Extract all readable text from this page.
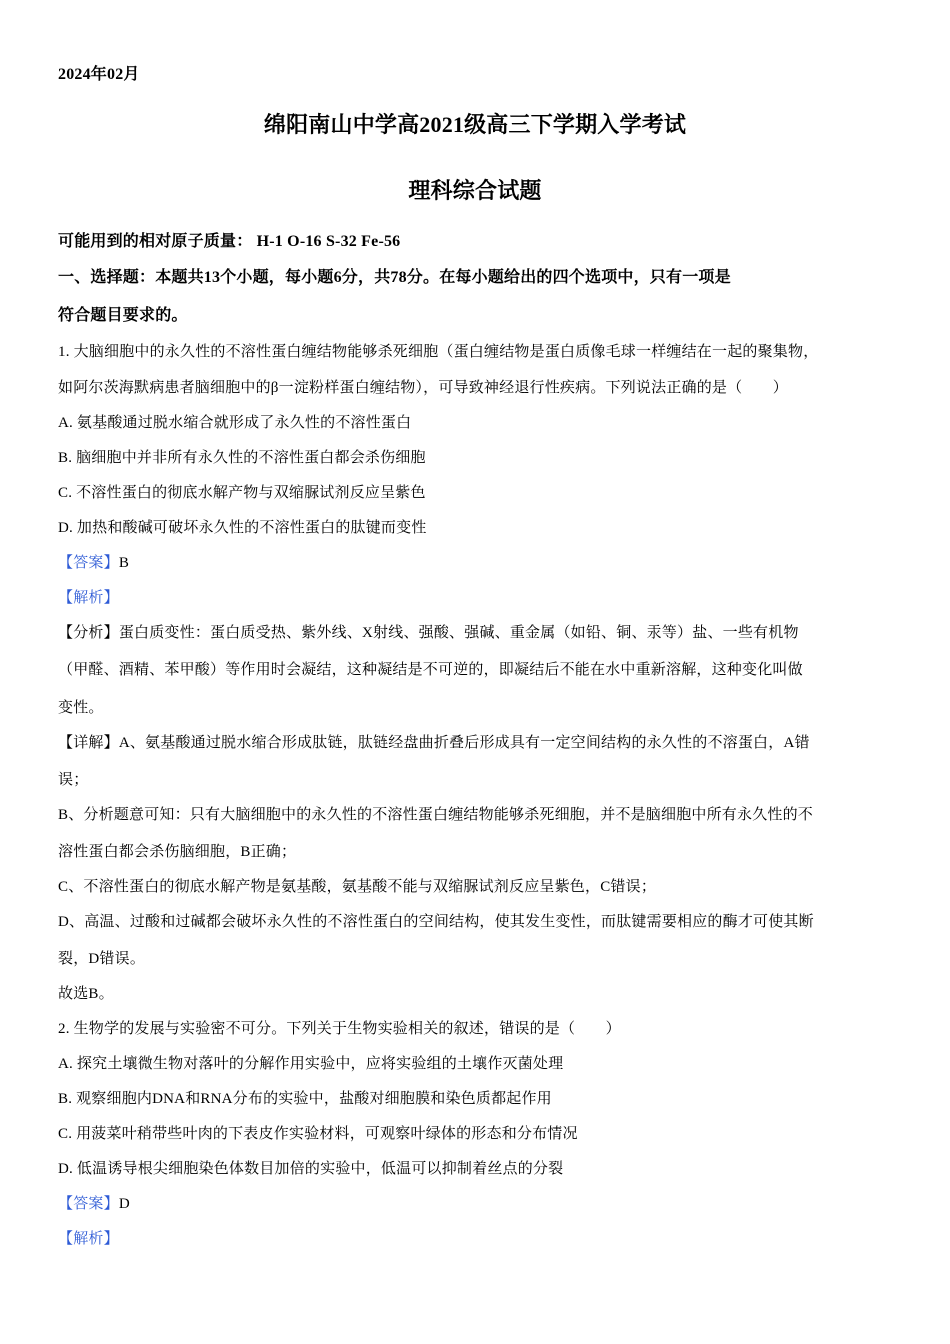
2024年02月
绵阳南山中学高2021级高三下学期入学考试
理科综合试题
可能用到的相对原子质量： H-1 O-16 S-32 Fe-56
一、选择题：本题共13个小题，每小题6分，共78分。在每小题给出的四个选项中，只有一项是
符合题目要求的。
1. 大脑细胞中的永久性的不溶性蛋白缠结物能够杀死细胞（蛋白缠结物是蛋白质像毛球一样缠结在一起的聚集物，
如阿尔茨海默病患者脑细胞中的β一淀粉样蛋白缠结物），可导致神经退行性疾病。下列说法正确的是（　　）
A. 氨基酸通过脱水缩合就形成了永久性的不溶性蛋白
B. 脑细胞中并非所有永久性的不溶性蛋白都会杀伤细胞
C. 不溶性蛋白的彻底水解产物与双缩脲试剂反应呈紫色
D. 加热和酸碱可破坏永久性的不溶性蛋白的肽键而变性
【答案】B
【解析】
【分析】蛋白质变性：蛋白质受热、紫外线、X射线、强酸、强碱、重金属（如铅、铜、汞等）盐、一些有机物
（甲醛、酒精、苯甲酸）等作用时会凝结，这种凝结是不可逆的，即凝结后不能在水中重新溶解，这种变化叫做
变性。
【详解】A、氨基酸通过脱水缩合形成肽链，肽链经盘曲折叠后形成具有一定空间结构的永久性的不溶蛋白，A错
误；
B、分析题意可知：只有大脑细胞中的永久性的不溶性蛋白缠结物能够杀死细胞，并不是脑细胞中所有永久性的不
溶性蛋白都会杀伤脑细胞，B正确；
C、不溶性蛋白的彻底水解产物是氨基酸，氨基酸不能与双缩脲试剂反应呈紫色，C错误；
D、高温、过酸和过碱都会破坏永久性的不溶性蛋白的空间结构，使其发生变性，而肽键需要相应的酶才可使其断
裂，D错误。
故选B。
2. 生物学的发展与实验密不可分。下列关于生物实验相关的叙述，错误的是（　　）
A. 探究土壤微生物对落叶的分解作用实验中，应将实验组的土壤作灭菌处理
B. 观察细胞内DNA和RNA分布的实验中，盐酸对细胞膜和染色质都起作用
C. 用菠菜叶稍带些叶肉的下表皮作实验材料，可观察叶绿体的形态和分布情况
D. 低温诱导根尖细胞染色体数目加倍的实验中，低温可以抑制着丝点的分裂
【答案】D
【解析】
